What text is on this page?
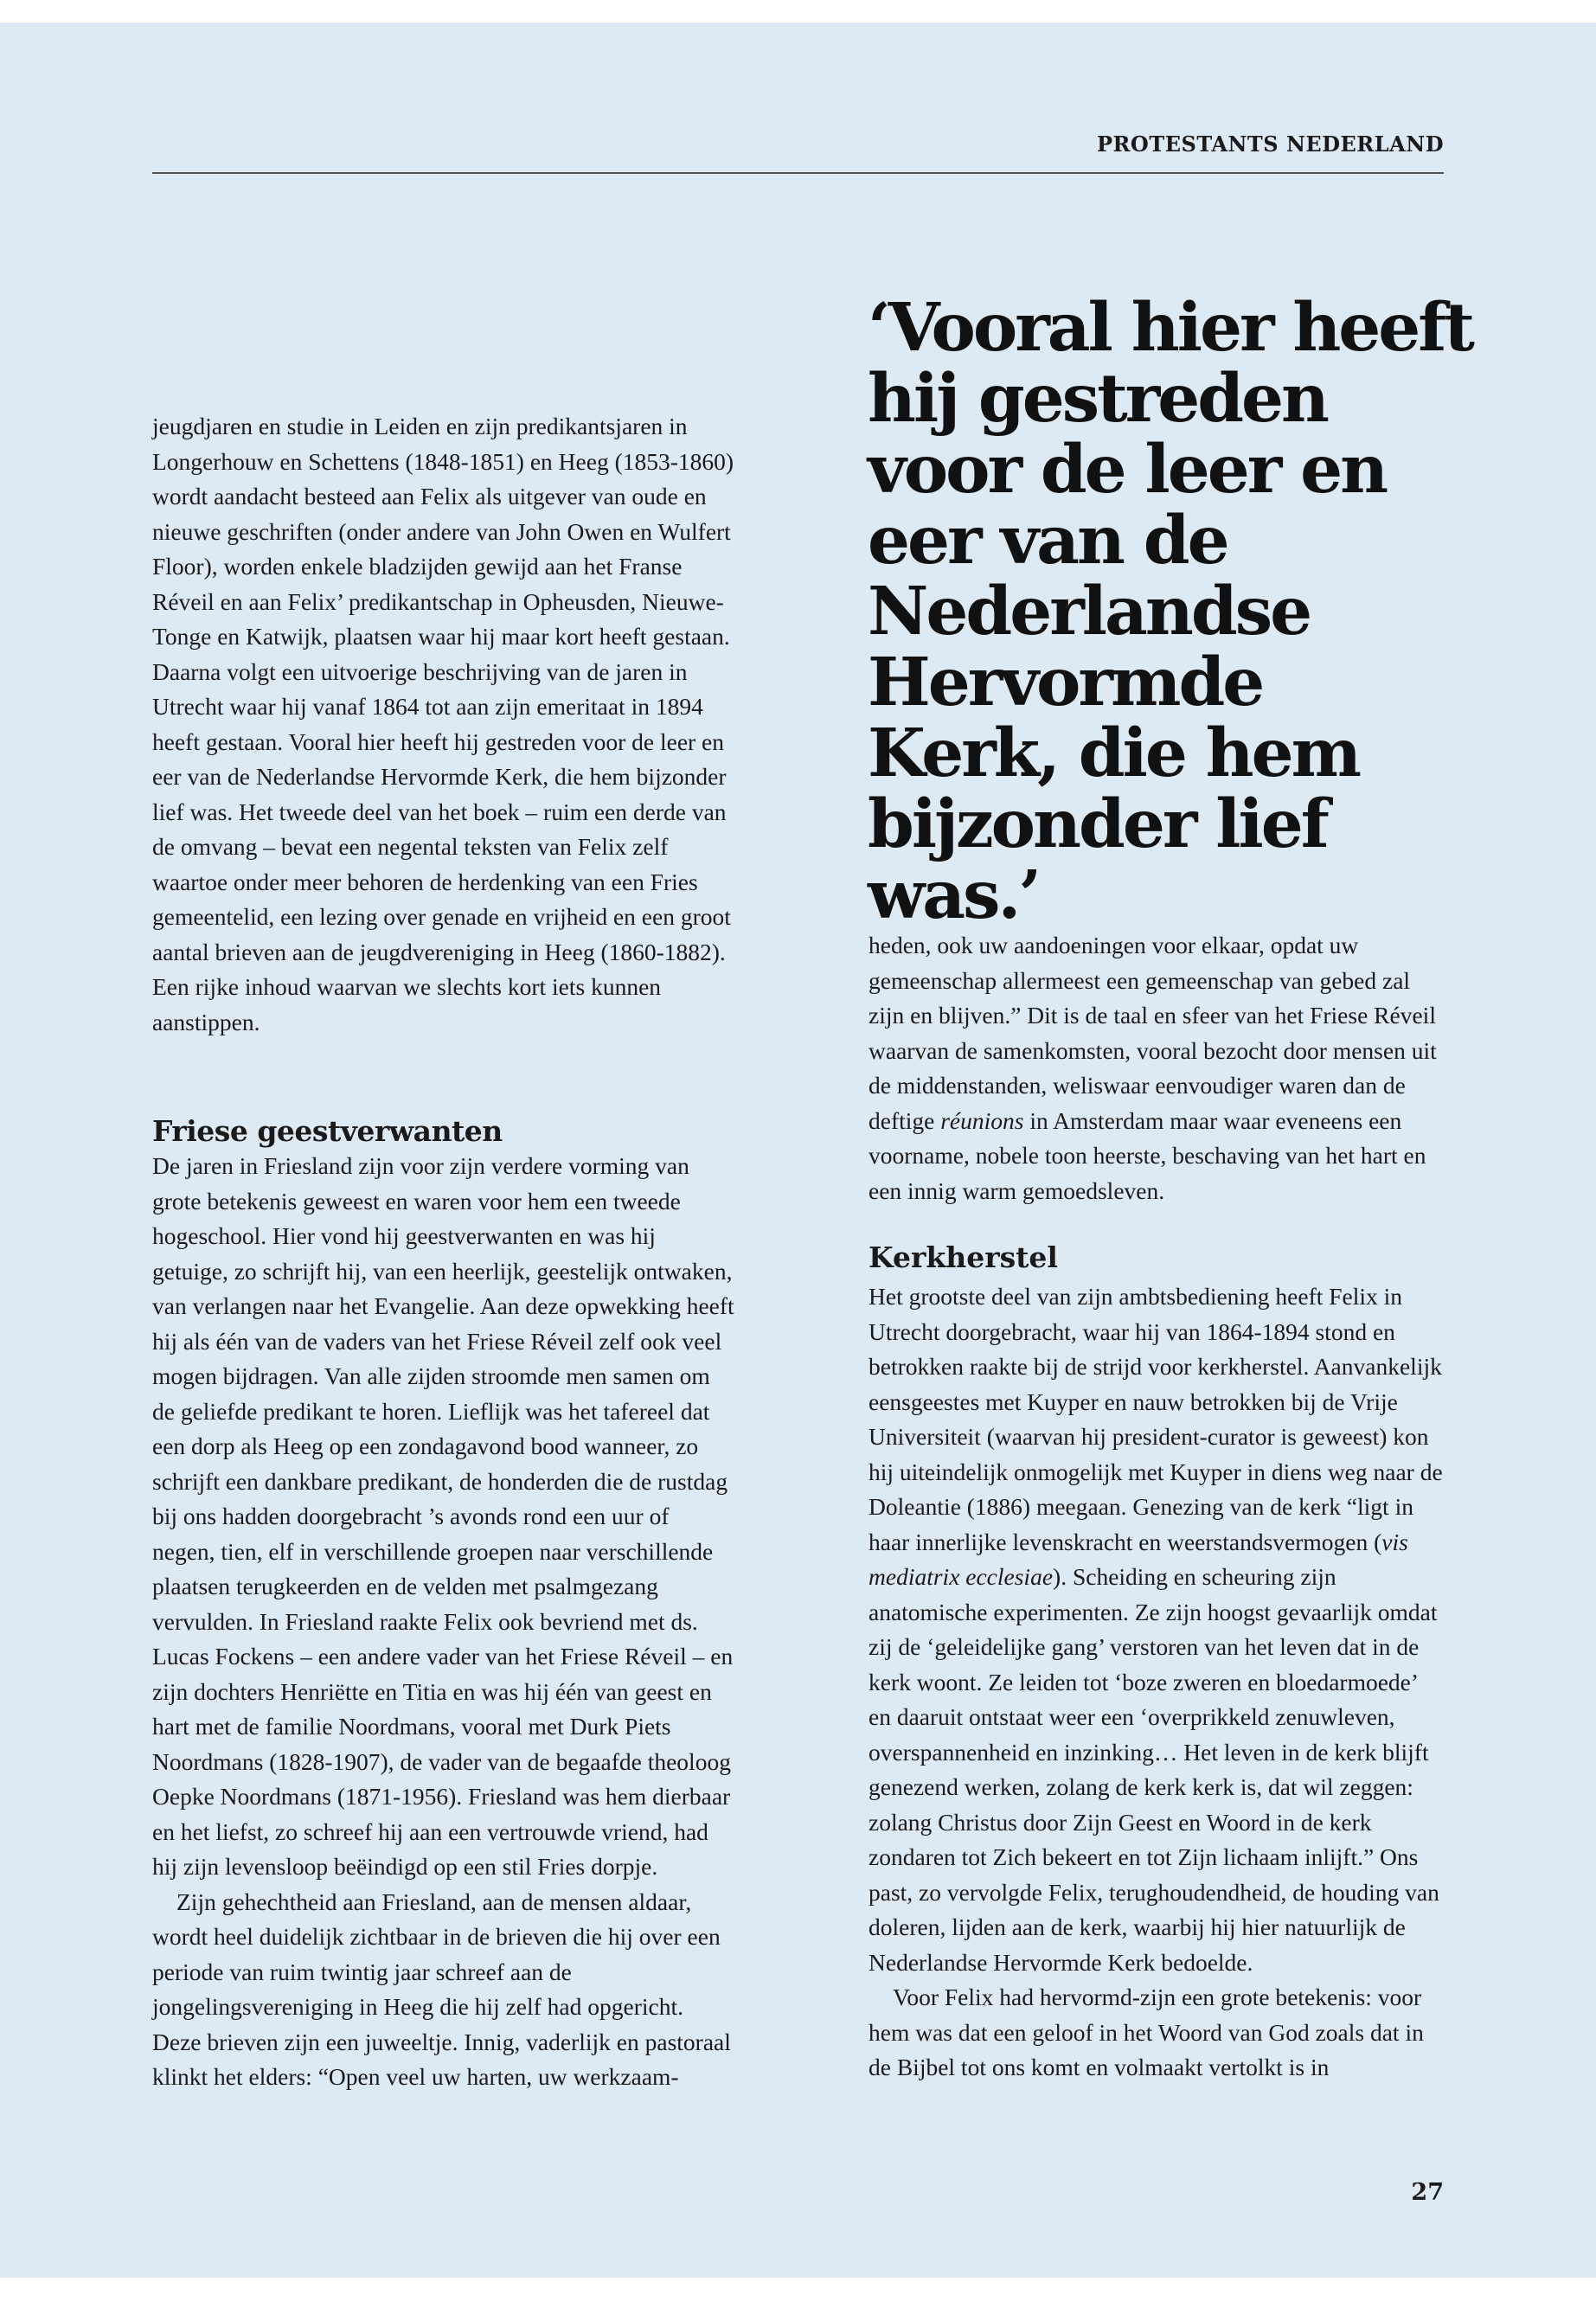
PROTESTANTS NEDERLAND
‘Vooral hier heeft hij gestreden voor de leer en eer van de Nederlandse Hervormde Kerk, die hem bijzonder lief was.’

jeugdjaren en studie in Leiden en zijn predikantsjaren in Longerhouw en Schettens (1848-1851) en Heeg (1853-1860) wordt aandacht besteed aan Felix als uitgever van oude en nieuwe geschriften (onder andere van John Owen en Wulfert Floor), worden enkele bladzijden gewijd aan het Franse Réveil en aan Felix’ predikantschap in Opheusden, Nieuwe-Tonge en Katwijk, plaatsen waar hij maar kort heeft gestaan. Daarna volgt een uitvoerige beschrijving van de jaren in Utrecht waar hij vanaf 1864 tot aan zijn emeritaat in 1894 heeft gestaan. Vooral hier heeft hij gestreden voor de leer en eer van de Nederlandse Hervormde Kerk, die hem bijzonder lief was. Het tweede deel van het boek – ruim een derde van de omvang – bevat een negental teksten van Felix zelf waartoe onder meer behoren de herdenking van een Fries gemeentelid, een lezing over genade en vrijheid en een groot aantal brieven aan de jeugdvereniging in Heeg (1860-1882). Een rijke inhoud waarvan we slechts kort iets kunnen aanstippen.

Friese geestverwanten

De jaren in Friesland zijn voor zijn verdere vorming van grote betekenis geweest en waren voor hem een tweede hogeschool. Hier vond hij geestverwanten en was hij getuige, zo schrijft hij, van een heerlijk, geestelijk ontwaken, van verlangen naar het Evangelie. Aan deze opwekking heeft hij als één van de vaders van het Friese Réveil zelf ook veel mogen bijdragen. Van alle zijden stroomde men samen om de geliefde predikant te horen. Lieflijk was het tafereel dat een dorp als Heeg op een zondagavond bood wanneer, zo schrijft een dankbare predikant, de honderden die de rustdag bij ons hadden doorgebracht ’s avonds rond een uur of negen, tien, elf in verschillende groepen naar verschillende plaatsen terugkeerden en de velden met psalmgezang vervulden. In Friesland raakte Felix ook bevriend met ds. Lucas Fockens – een andere vader van het Friese Réveil – en zijn dochters Henriëtte en Titia en was hij één van geest en hart met de familie Noordmans, vooral met Durk Piets Noordmans (1828-1907), de vader van de begaafde theoloog Oepke Noordmans (1871-1956). Friesland was hem dierbaar en het liefst, zo schreef hij aan een vertrouwde vriend, had hij zijn levensloop beëindigd op een stil Fries dorpje.

Zijn gehechtheid aan Friesland, aan de mensen aldaar, wordt heel duidelijk zichtbaar in de brieven die hij over een periode van ruim twintig jaar schreef aan de jongelingsvereniging in Heeg die hij zelf had opgericht. Deze brieven zijn een juweeltje. Innig, vaderlijk en pastoraal klinkt het elders: “Open veel uw harten, uw werkzaam-

heden, ook uw aandoeningen voor elkaar, opdat uw gemeenschap allermeest een gemeenschap van gebed zal zijn en blijven.” Dit is de taal en sfeer van het Friese Réveil waarvan de samenkomsten, vooral bezocht door mensen uit de middenstanden, weliswaar eenvoudiger waren dan de deftige réunions in Amsterdam maar waar eveneens een voorname, nobele toon heerste, beschaving van het hart en een innig warm gemoedsleven.

Kerkherstel

Het grootste deel van zijn ambtsbediening heeft Felix in Utrecht doorgebracht, waar hij van 1864-1894 stond en betrokken raakte bij de strijd voor kerkherstel. Aanvankelijk eensgeestes met Kuyper en nauw betrokken bij de Vrije Universiteit (waarvan hij president-curator is geweest) kon hij uiteindelijk onmogelijk met Kuyper in diens weg naar de Doleantie (1886) meegaan. Genezing van de kerk “ligt in haar innerlijke levenskracht en weerstandsvermogen (vis mediatrix ecclesiae). Scheiding en scheuring zijn anatomische experimenten. Ze zijn hoogst gevaarlijk omdat zij de ‘geleidelijke gang’ verstoren van het leven dat in de kerk woont. Ze leiden tot ‘boze zweren en bloedarmoede’ en daaruit ontstaat weer een ‘overprikkeld zenuwleven, overspannenheid en inzinking… Het leven in de kerk blijft genezend werken, zolang de kerk kerk is, dat wil zeggen: zolang Christus door Zijn Geest en Woord in de kerk zondaren tot Zich bekeert en tot Zijn lichaam inlijft.” Ons past, zo vervolgde Felix, terughoudendheid, de houding van doleren, lijden aan de kerk, waarbij hij hier natuurlijk de Nederlandse Hervormde Kerk bedoelde.

Voor Felix had hervormd-zijn een grote betekenis: voor hem was dat een geloof in het Woord van God zoals dat in de Bijbel tot ons komt en volmaakt vertolkt is in

27
